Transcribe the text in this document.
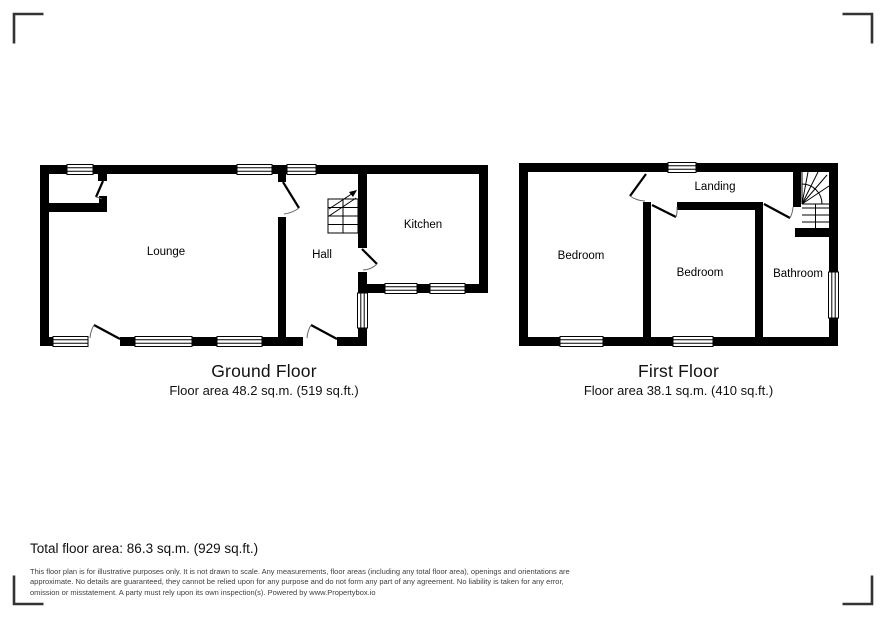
Lounge	Hall
Kitchen
Bedroom
Bedroom	Bathroom
Landing
Ground Floor
Floor area 48.2 sq.m. (519 sq.ft.)
First Floor
Floor area 38.1 sq.m. (410 sq.ft.)
Total floor area: 86.3 sq.m. (929 sq.ft.)
This floor plan is for illustrative purposes only. It is not drawn to scale. Any measurements, floor areas (including any total floor area), openings and orientations are
approximate. No details are guaranteed, they cannot be relied upon for any purpose and do not form any part of any agreement. No liability is taken for any error,
omission or misstatement. A party must rely upon its own inspection(s). Powered by www.Propertybox.io
